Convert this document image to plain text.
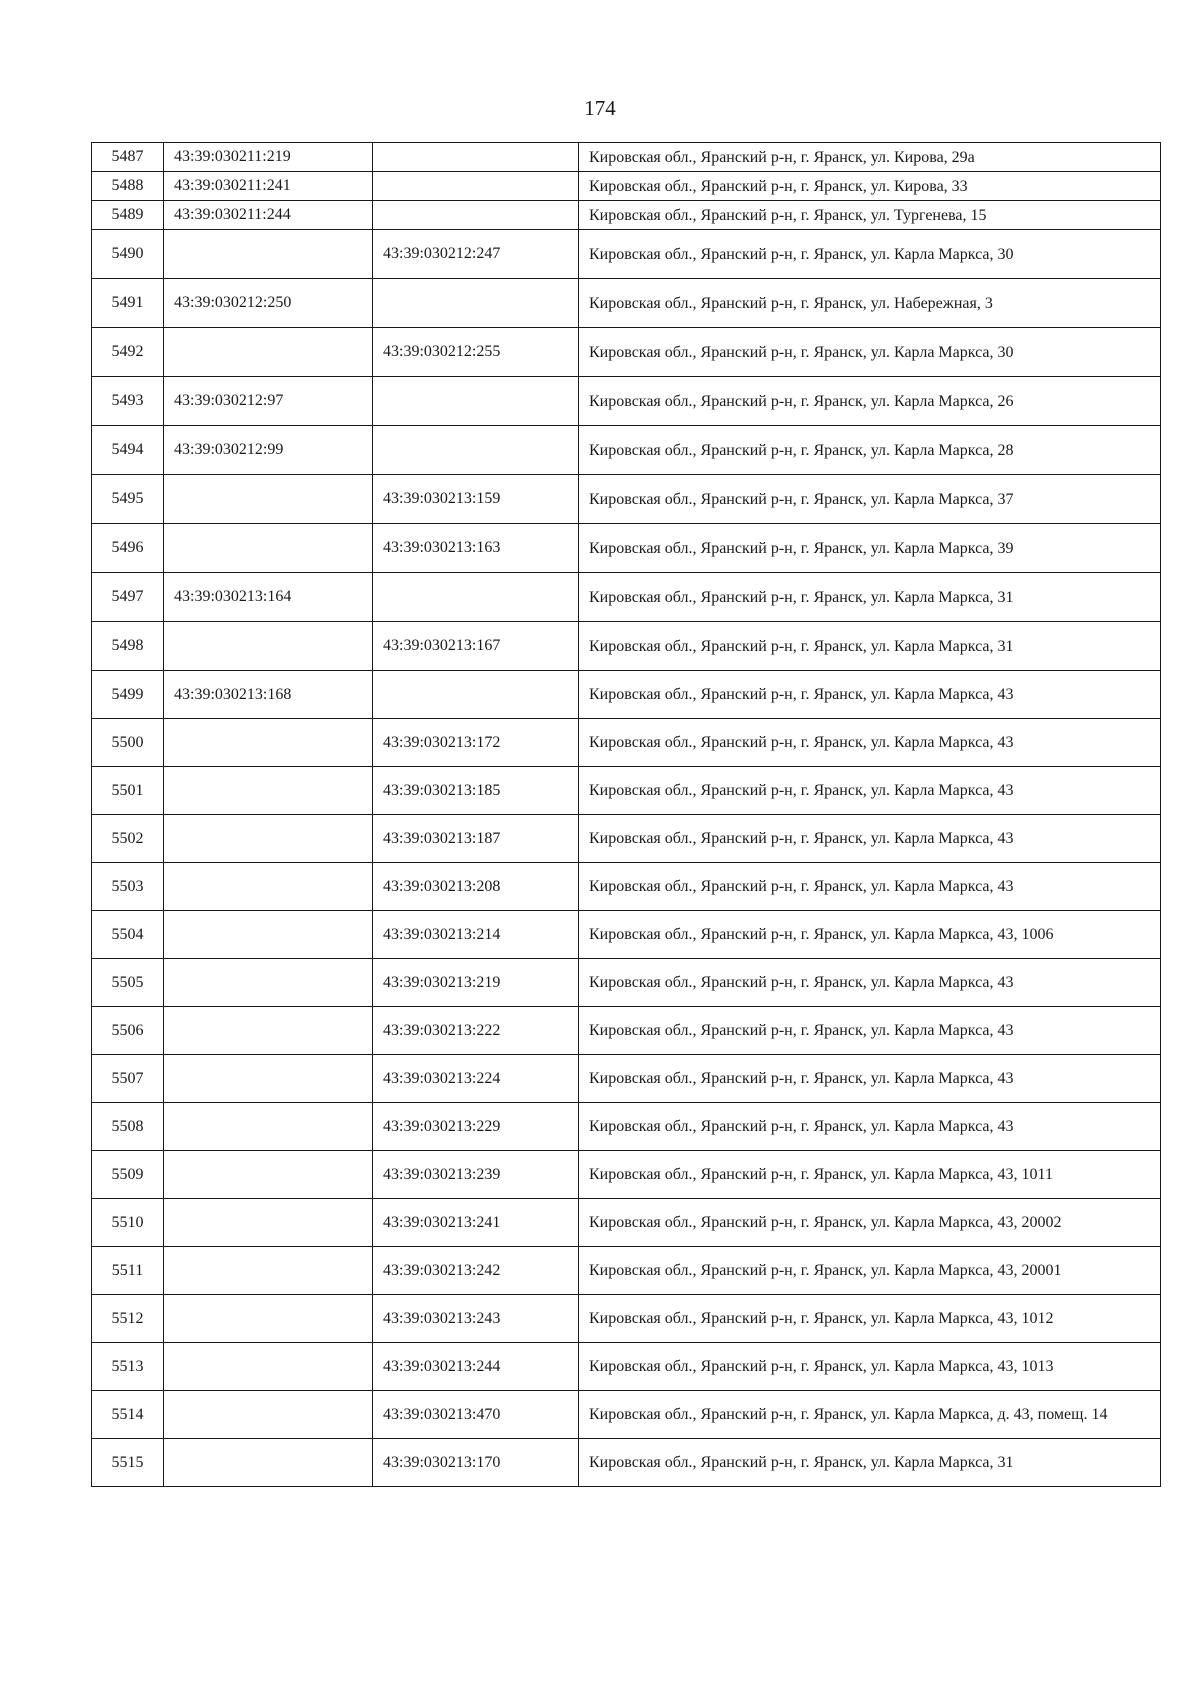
174
5487	43:39:030211:219		Кировская обл., Яранский р-н, г. Яранск, ул. Кирова, 29а
5488	43:39:030211:241		Кировская обл., Яранский р-н, г. Яранск, ул. Кирова, 33
5489	43:39:030211:244		Кировская обл., Яранский р-н, г. Яранск, ул. Тургенева, 15
5490		43:39:030212:247	Кировская обл., Яранский р-н, г. Яранск, ул. Карла Маркса, 30
5491	43:39:030212:250		Кировская обл., Яранский р-н, г. Яранск, ул. Набережная, 3
5492		43:39:030212:255	Кировская обл., Яранский р-н, г. Яранск, ул. Карла Маркса, 30
5493	43:39:030212:97		Кировская обл., Яранский р-н, г. Яранск, ул. Карла Маркса, 26
5494	43:39:030212:99		Кировская обл., Яранский р-н, г. Яранск, ул. Карла Маркса, 28
5495		43:39:030213:159	Кировская обл., Яранский р-н, г. Яранск, ул. Карла Маркса, 37
5496		43:39:030213:163	Кировская обл., Яранский р-н, г. Яранск, ул. Карла Маркса, 39
5497	43:39:030213:164		Кировская обл., Яранский р-н, г. Яранск, ул. Карла Маркса, 31
5498		43:39:030213:167	Кировская обл., Яранский р-н, г. Яранск, ул. Карла Маркса, 31
5499	43:39:030213:168		Кировская обл., Яранский р-н, г. Яранск, ул. Карла Маркса, 43
5500		43:39:030213:172	Кировская обл., Яранский р-н, г. Яранск, ул. Карла Маркса, 43
5501		43:39:030213:185	Кировская обл., Яранский р-н, г. Яранск, ул. Карла Маркса, 43
5502		43:39:030213:187	Кировская обл., Яранский р-н, г. Яранск, ул. Карла Маркса, 43
5503		43:39:030213:208	Кировская обл., Яранский р-н, г. Яранск, ул. Карла Маркса, 43
5504		43:39:030213:214	Кировская обл., Яранский р-н, г. Яранск, ул. Карла Маркса, 43, 1006
5505		43:39:030213:219	Кировская обл., Яранский р-н, г. Яранск, ул. Карла Маркса, 43
5506		43:39:030213:222	Кировская обл., Яранский р-н, г. Яранск, ул. Карла Маркса, 43
5507		43:39:030213:224	Кировская обл., Яранский р-н, г. Яранск, ул. Карла Маркса, 43
5508		43:39:030213:229	Кировская обл., Яранский р-н, г. Яранск, ул. Карла Маркса, 43
5509		43:39:030213:239	Кировская обл., Яранский р-н, г. Яранск, ул. Карла Маркса, 43, 1011
5510		43:39:030213:241	Кировская обл., Яранский р-н, г. Яранск, ул. Карла Маркса, 43, 20002
5511		43:39:030213:242	Кировская обл., Яранский р-н, г. Яранск, ул. Карла Маркса, 43, 20001
5512		43:39:030213:243	Кировская обл., Яранский р-н, г. Яранск, ул. Карла Маркса, 43, 1012
5513		43:39:030213:244	Кировская обл., Яранский р-н, г. Яранск, ул. Карла Маркса, 43, 1013
5514		43:39:030213:470	Кировская обл., Яранский р-н, г. Яранск, ул. Карла Маркса, д. 43, помещ. 14
5515		43:39:030213:170	Кировская обл., Яранский р-н, г. Яранск, ул. Карла Маркса, 31
